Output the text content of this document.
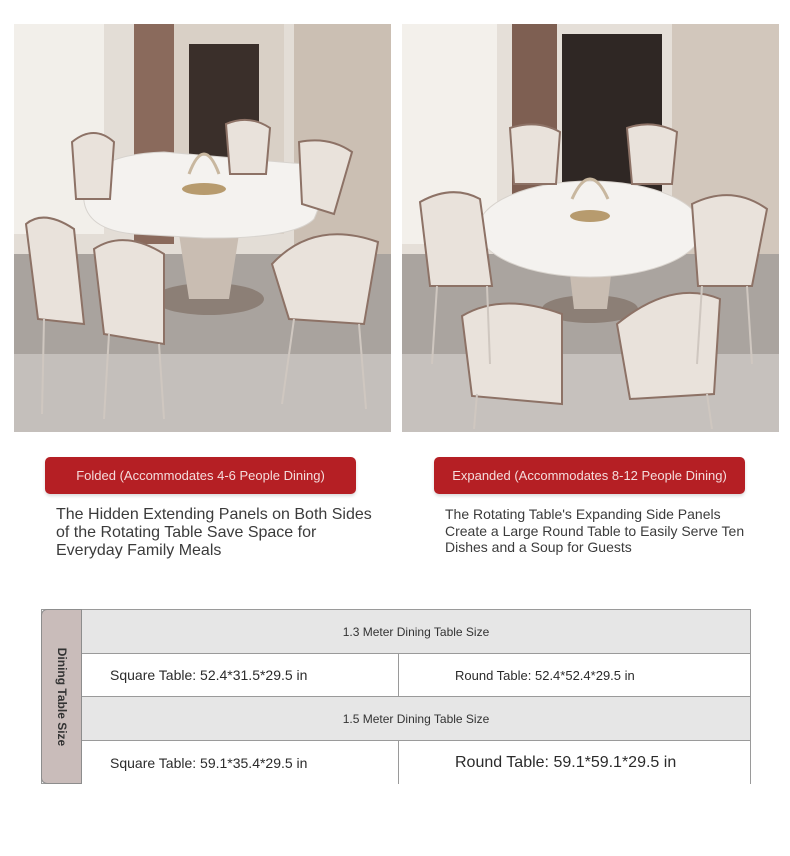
Folded (Accommodates 4-6 People Dining)	Expanded (Accommodates 8-12 People Dining)
The Hidden Extending Panels on Both Sides of the Rotating Table Save Space for Everyday Family Meals
The Rotating Table's Expanding Side Panels Create a Large Round Table to Easily Serve Ten Dishes and a Soup for Guests
Dining Table Size
1.3 Meter Dining Table Size
Square Table: 52.4*31.5*29.5 in	Round Table: 52.4*52.4*29.5 in
1.5 Meter Dining Table Size
Square Table: 59.1*35.4*29.5 in	Round Table: 59.1*59.1*29.5 in
